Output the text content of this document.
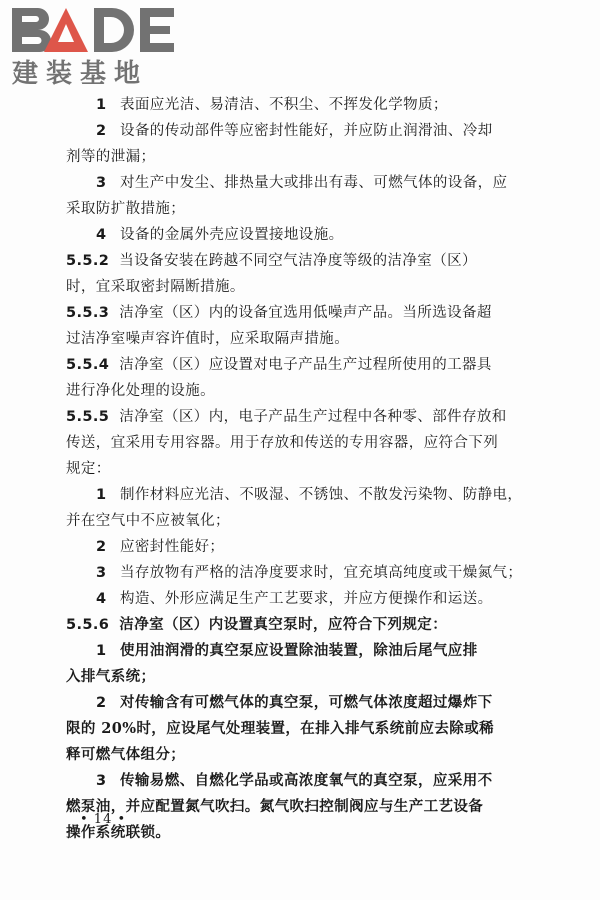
建装基地
1 表面应光洁、易清洁、不积尘、不挥发化学物质；
2 设备的传动部件等应密封性能好，并应防止润滑油、冷却
剂等的泄漏；
3 对生产中发尘、排热量大或排出有毒、可燃气体的设备，应
采取防扩散措施；
4 设备的金属外壳应设置接地设施。
5.5.2 当设备安装在跨越不同空气洁净度等级的洁净室（区）
时，宜采取密封隔断措施。
5.5.3 洁净室（区）内的设备宜选用低噪声产品。当所选设备超
过洁净室噪声容许值时，应采取隔声措施。
5.5.4 洁净室（区）应设置对电子产品生产过程所使用的工器具
进行净化处理的设施。
5.5.5 洁净室（区）内，电子产品生产过程中各种零、部件存放和
传送，宜采用专用容器。用于存放和传送的专用容器，应符合下列
规定：
1 制作材料应光洁、不吸湿、不锈蚀、不散发污染物、防静电，
并在空气中不应被氧化；
2 应密封性能好；
3 当存放物有严格的洁净度要求时，宜充填高纯度或干燥氮气；
4 构造、外形应满足生产工艺要求，并应方便操作和运送。
5.5.6 洁净室（区）内设置真空泵时，应符合下列规定：
1 使用油润滑的真空泵应设置除油装置，除油后尾气应排
入排气系统；
2 对传输含有可燃气体的真空泵，可燃气体浓度超过爆炸下
限的 20%时，应设尾气处理装置，在排入排气系统前应去除或稀
释可燃气体组分；
3 传输易燃、自燃化学品或高浓度氧气的真空泵，应采用不
燃泵油，并应配置氮气吹扫。氮气吹扫控制阀应与生产工艺设备
操作系统联锁。
• 14 •
